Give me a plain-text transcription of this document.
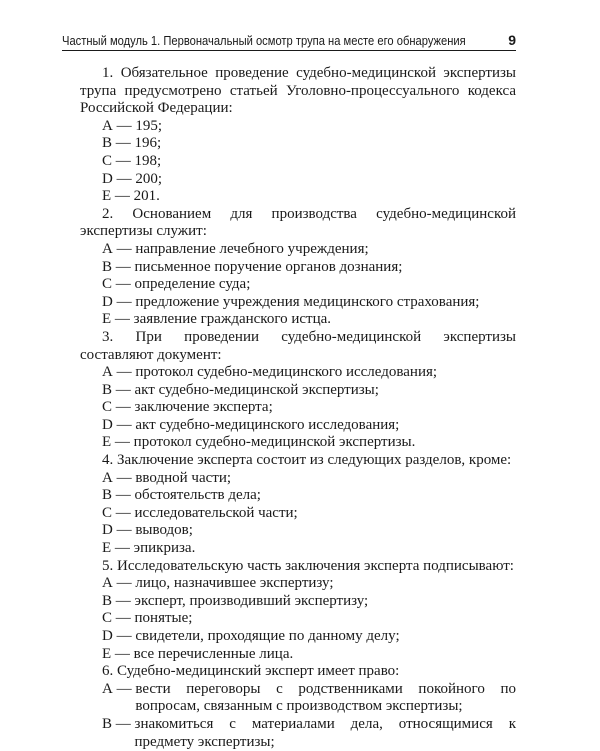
Частный модуль 1. Первоначальный осмотр трупа на месте его обнаружения	9

1. Обязательное проведение судебно-медицинской экспертизы трупа предусмотрено статьей Уголовно-процессуального кодекса Российской Федерации:

А — 195;
В — 196;
С — 198;
D — 200;
Е — 201.

2. Основанием для производства судебно-медицинской экспертизы служит:

А — направление лечебного учреждения;
В — письменное поручение органов дознания;
С — определение суда;
D — предложение учреждения медицинского страхования;
Е — заявление гражданского истца.

3. При проведении судебно-медицинской экспертизы составляют документ:

А — протокол судебно-медицинского исследования;
В — акт судебно-медицинской экспертизы;
С — заключение эксперта;
D — акт судебно-медицинского исследования;
Е — протокол судебно-медицинской экспертизы.

4. Заключение эксперта состоит из следующих разделов, кроме:

А — вводной части;
В — обстоятельств дела;
С — исследовательской части;
D — выводов;
Е — эпикриза.

5. Исследовательскую часть заключения эксперта подписывают:

А — лицо, назначившее экспертизу;
В — эксперт, производивший экспертизу;
С — понятые;
D — свидетели, проходящие по данному делу;
Е — все перечисленные лица.

6. Судебно-медицинский эксперт имеет право:

А — вести переговоры с родственниками покойного по вопросам, связанным с производством экспертизы;
В — знакомиться с материалами дела, относящимися к предмету экспертизы;
